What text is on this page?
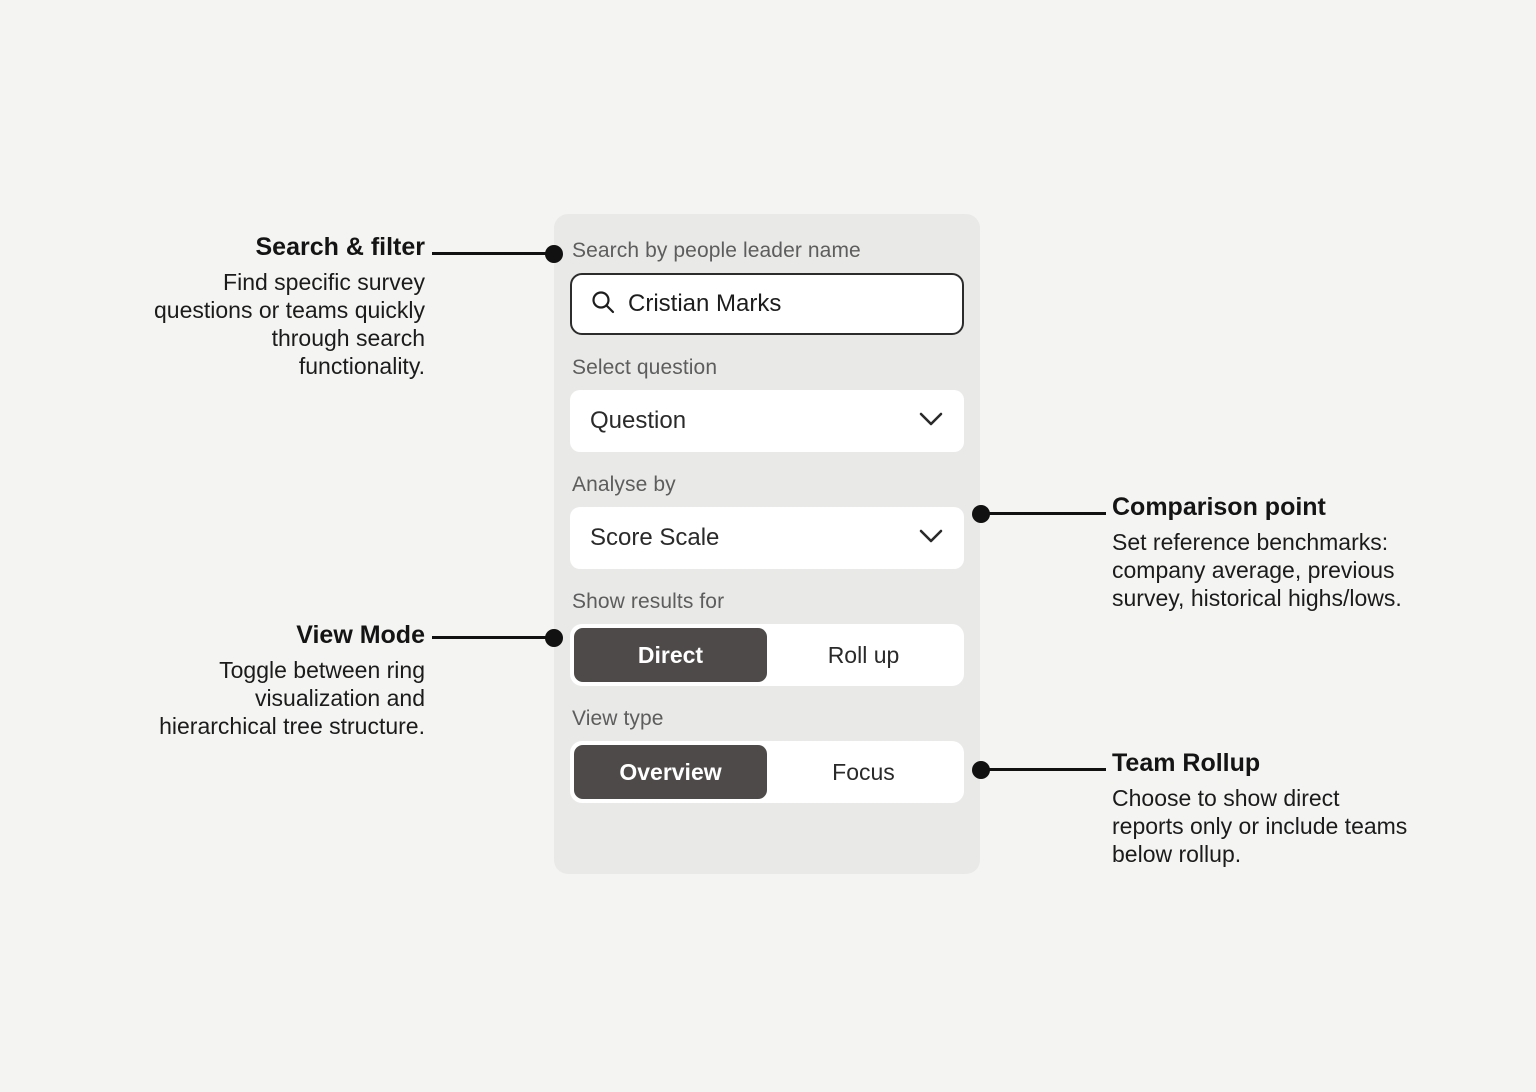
Search by people leader name
Cristian Marks
Select question
Question
Analyse by
Score Scale
Show results for
Direct	Roll up
View type
Overview	Focus
Search & filter
Find specific survey questions or teams quickly through search functionality.
View Mode
Toggle between ring visualization and hierarchical tree structure.
Comparison point
Set reference benchmarks: company average, previous survey, historical highs/lows.
Team Rollup
Choose to show direct reports only or include teams below rollup.
